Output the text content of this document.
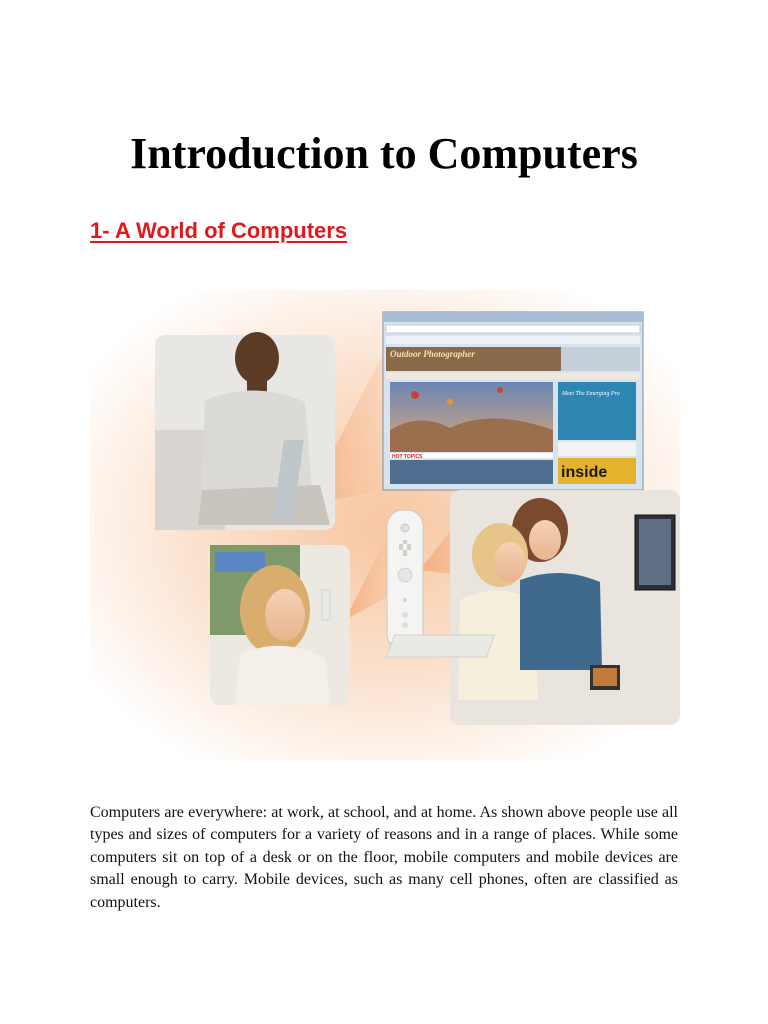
Introduction to Computers
1- A World of Computers
Outdoor Photographer
HOT TOPICS
Meet The Emerging Pro
inside

Computers are everywhere: at work, at school, and at home. As shown above people use all types and sizes of computers for a variety of reasons and in a range of places. While some computers sit on top of a desk or on the floor, mobile computers and mobile devices are small enough to carry. Mobile devices, such as many cell phones, often are classified as computers.
